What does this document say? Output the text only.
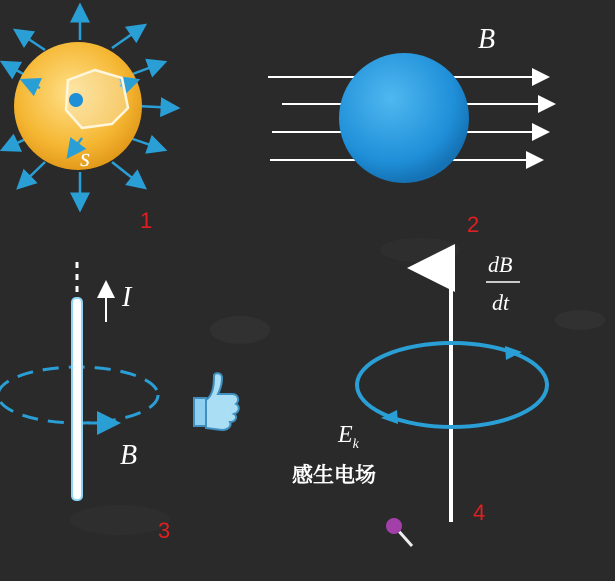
s
1
B
2
I
B
3
dB
dt
$E_k$
感生电场
4
